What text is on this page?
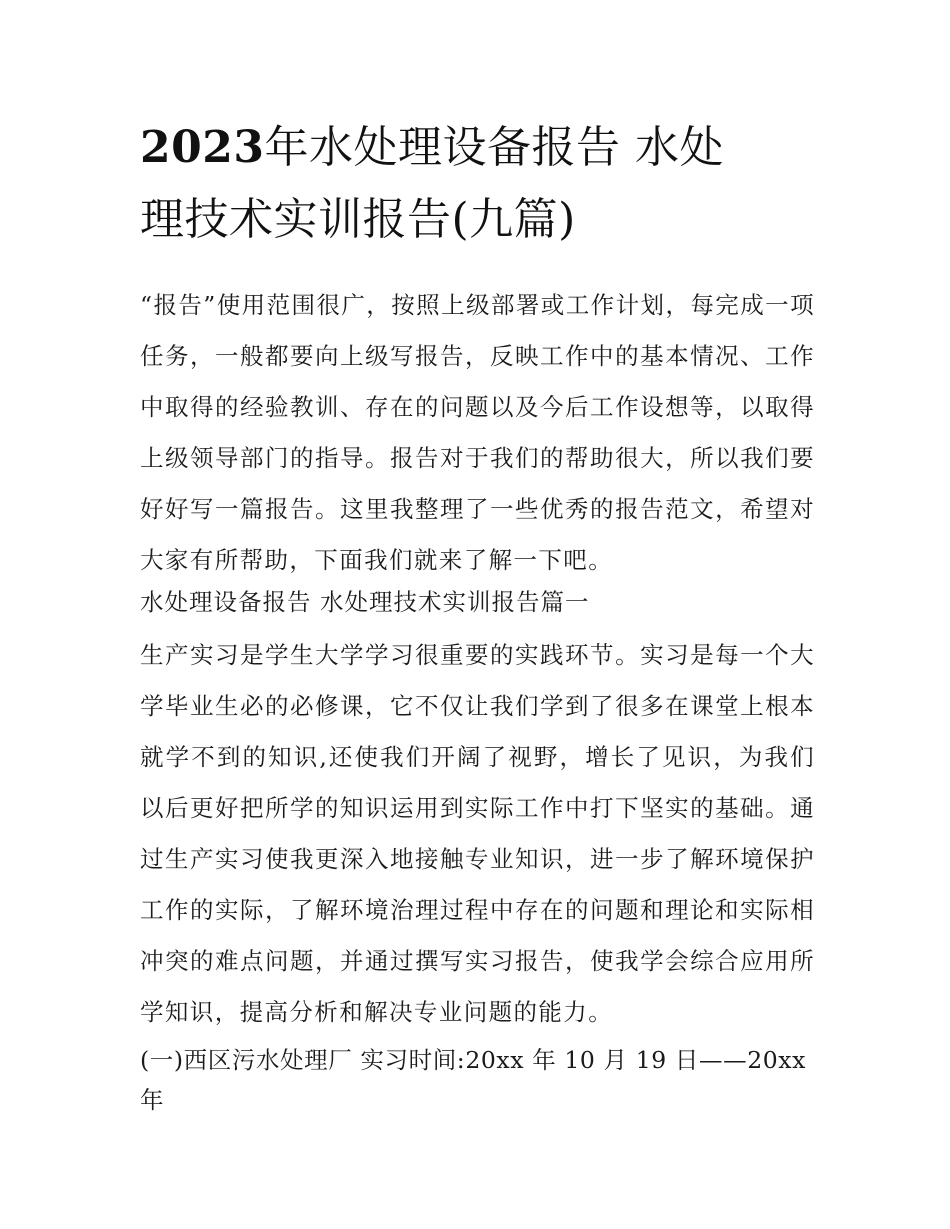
2023年水处理设备报告 水处
理技术实训报告(九篇)

“报告”使用范围很广，按照上级部署或工作计划，每完成一项任务，一般都要向上级写报告，反映工作中的基本情况、工作中取得的经验教训、存在的问题以及今后工作设想等，以取得上级领导部门的指导。报告对于我们的帮助很大，所以我们要好好写一篇报告。这里我整理了一些优秀的报告范文，希望对大家有所帮助，下面我们就来了解一下吧。

水处理设备报告 水处理技术实训报告篇一

生产实习是学生大学学习很重要的实践环节。实习是每一个大学毕业生必的必修课，它不仅让我们学到了很多在课堂上根本就学不到的知识,还使我们开阔了视野，增长了见识，为我们以后更好把所学的知识运用到实际工作中打下坚实的基础。通过生产实习使我更深入地接触专业知识，进一步了解环境保护工作的实际，了解环境治理过程中存在的问题和理论和实际相冲突的难点问题，并通过撰写实习报告，使我学会综合应用所学知识，提高分析和解决专业问题的能力。

(一)西区污水处理厂 实习时间:20xx 年 10 月 19 日——20xx 年
